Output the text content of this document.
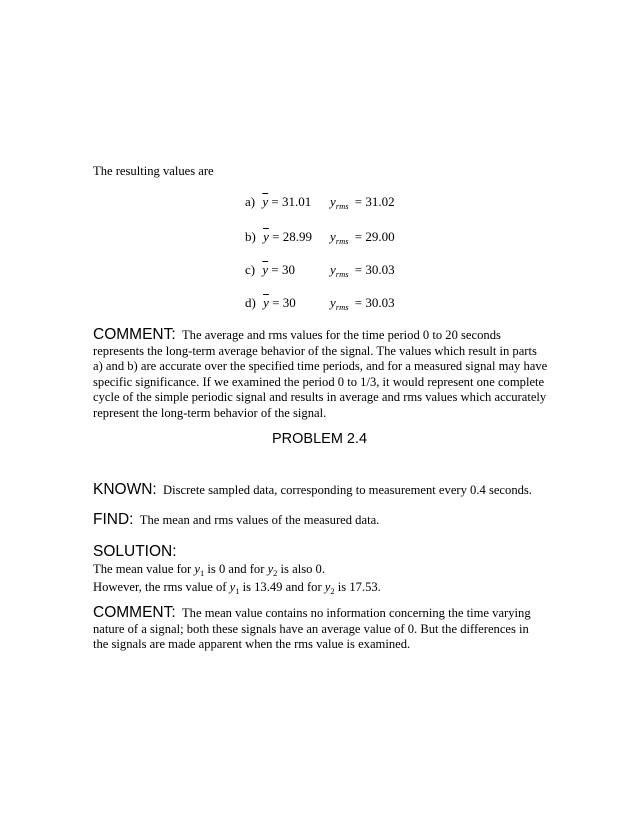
The resulting values are
a) $\overline{y} = 31.01$ $y_{rms} = 31.02$
b) $\overline{y} = 28.99$ $y_{rms} = 29.00$
c) $\overline{y} = 30$	$y_{rms} = 30.03$
d) $\overline{y} = 30$	$y_{rms} = 30.03$
COMMENT: The average and rms values for the time period 0 to 20 seconds
represents the long-term average behavior of the signal. The values which result in parts
a) and b) are accurate over the specified time periods, and for a measured signal may have
specific significance. If we examined the period 0 to 1/3, it would represent one complete
cycle of the simple periodic signal and results in average and rms values which accurately
represent the long-term behavior of the signal.
PROBLEM 2.4
KNOWN: Discrete sampled data, corresponding to measurement every 0.4 seconds.
FIND: The mean and rms values of the measured data.
SOLUTION:
The mean value for $y_1$ is 0 and for $y_2$ is also 0.
However, the rms value of $y_1$ is 13.49 and for $y_2$ is 17.53.
COMMENT: The mean value contains no information concerning the time varying
nature of a signal; both these signals have an average value of 0. But the differences in
the signals are made apparent when the rms value is examined.
